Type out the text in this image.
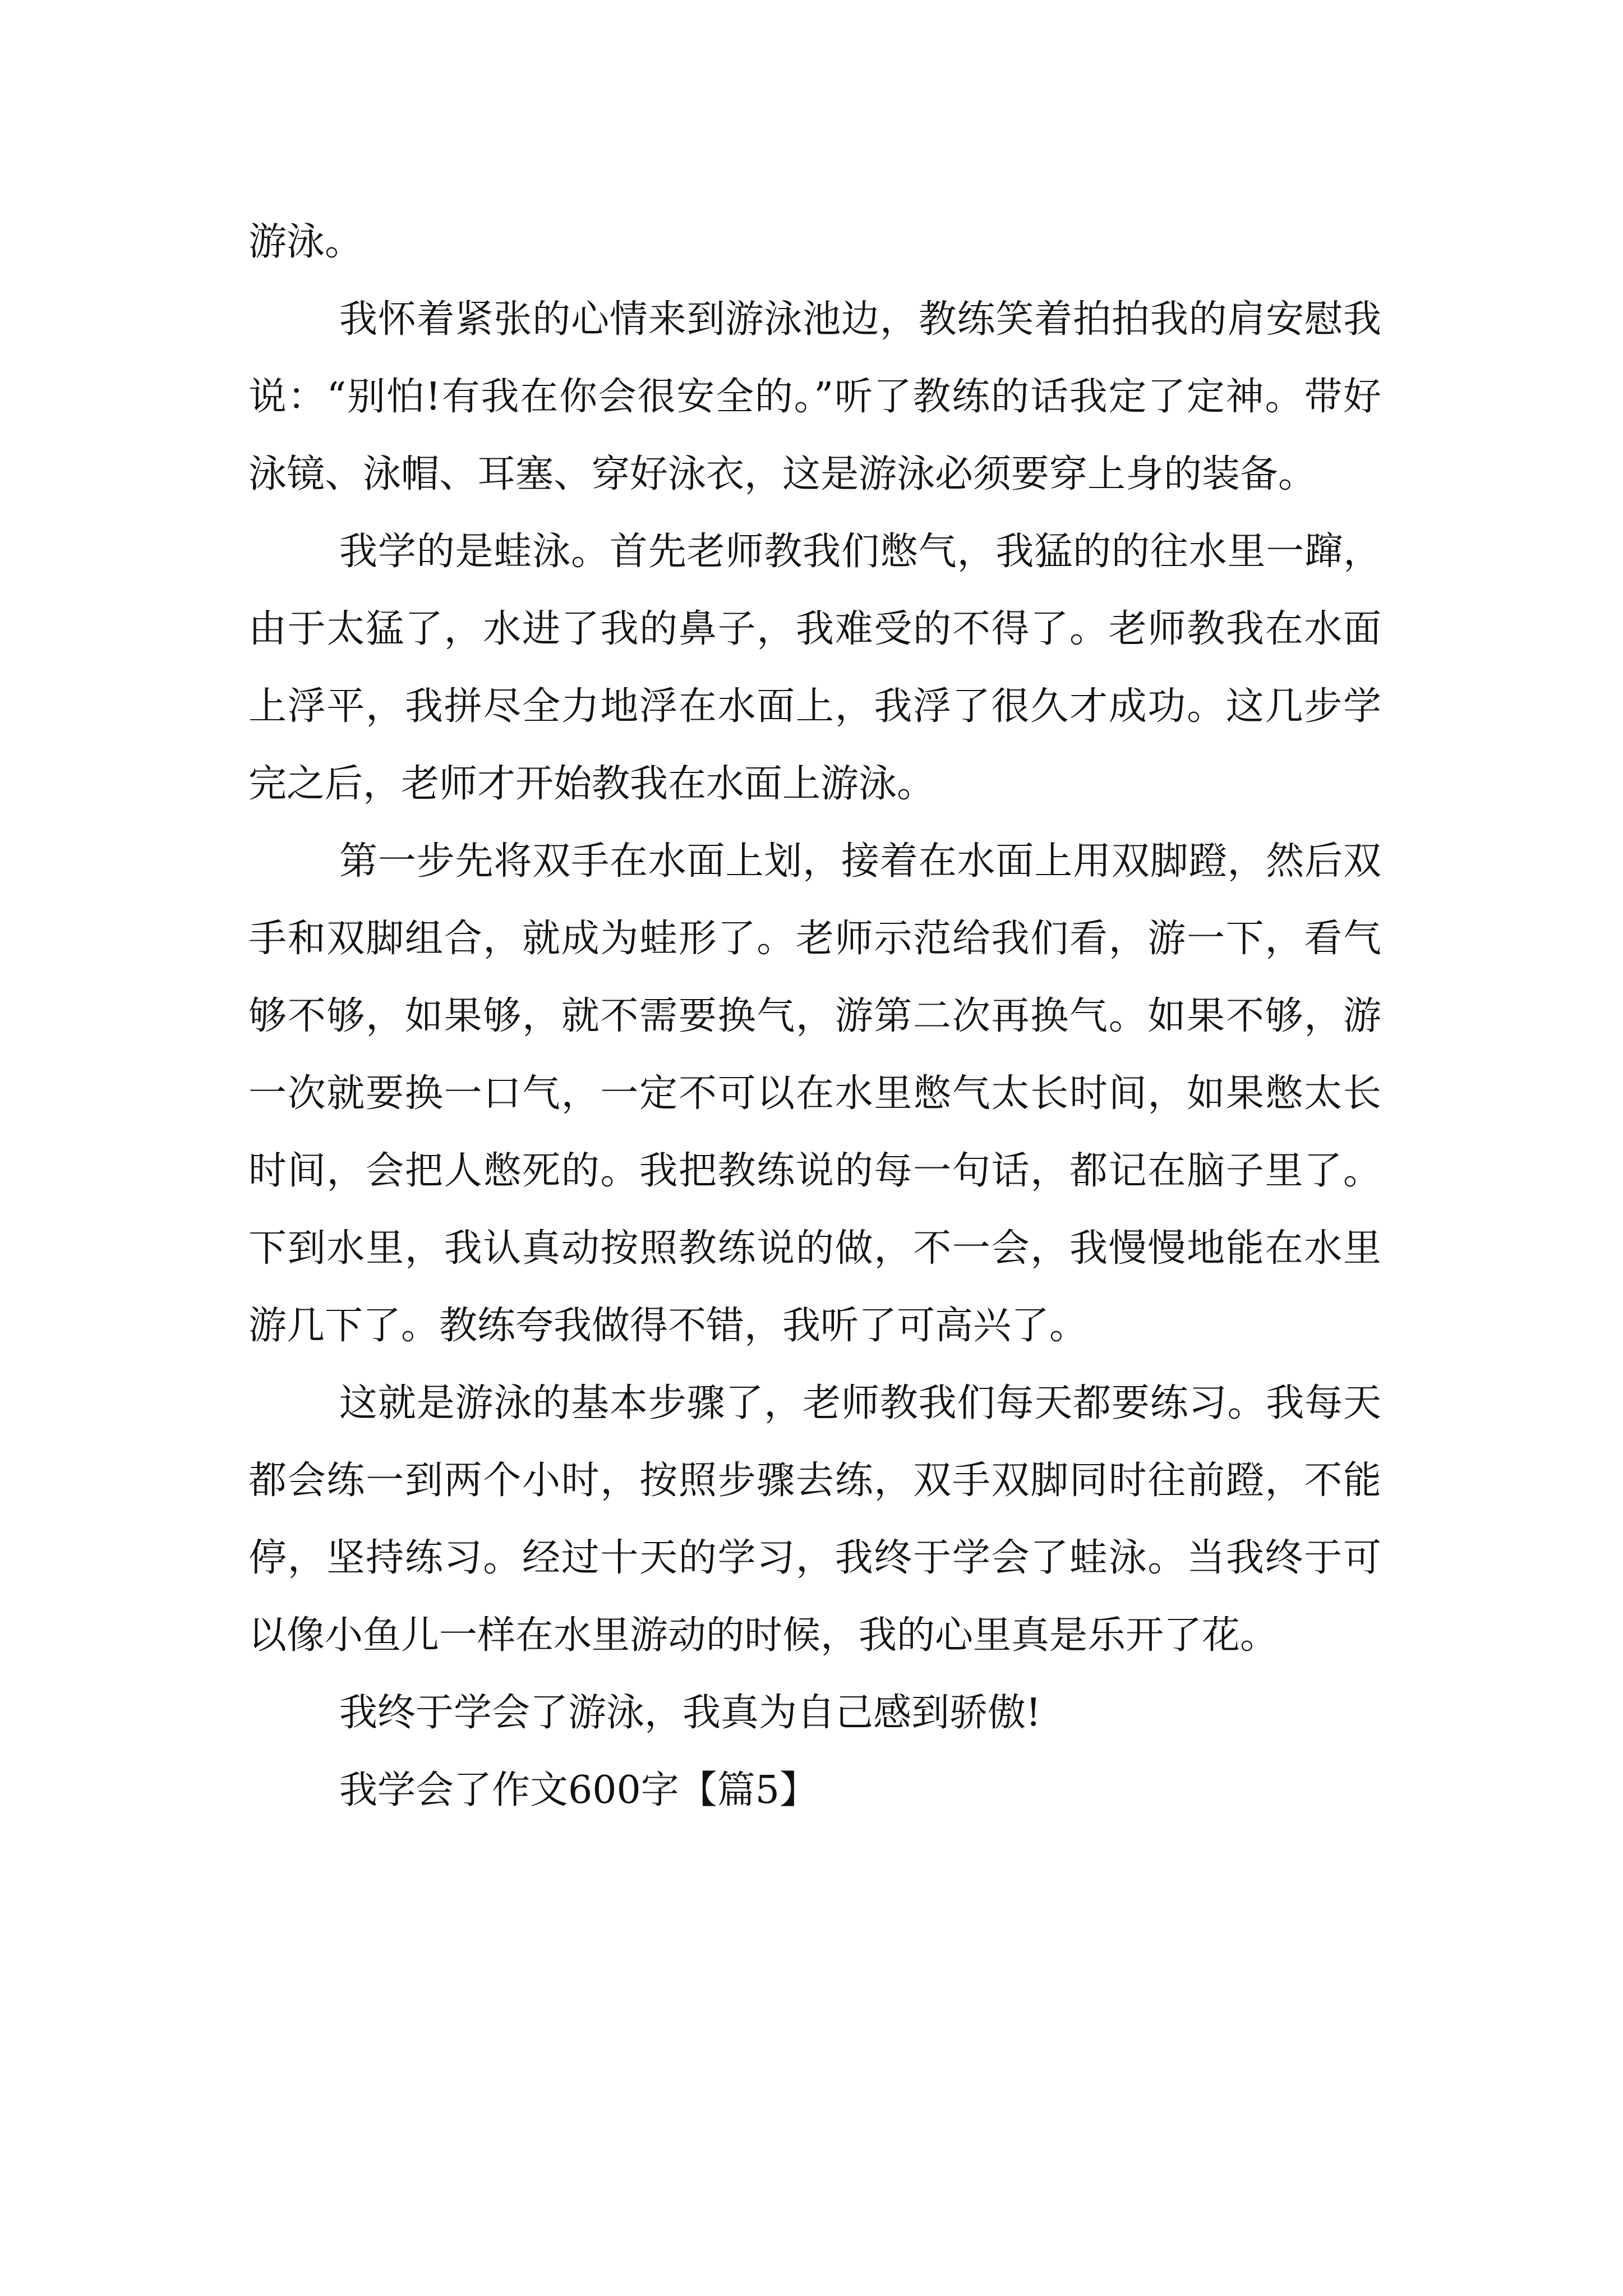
游泳。

我怀着紧张的心情来到游泳池边，教练笑着拍拍我的肩安慰我说：“别怕!有我在你会很安全的。”听了教练的话我定了定神。带好泳镜、泳帽、耳塞、穿好泳衣，这是游泳必须要穿上身的装备。

我学的是蛙泳。首先老师教我们憋气，我猛的的往水里一蹿，由于太猛了，水进了我的鼻子，我难受的不得了。老师教我在水面上浮平，我拼尽全力地浮在水面上，我浮了很久才成功。这几步学完之后，老师才开始教我在水面上游泳。

第一步先将双手在水面上划，接着在水面上用双脚蹬，然后双手和双脚组合，就成为蛙形了。老师示范给我们看，游一下，看气够不够，如果够，就不需要换气，游第二次再换气。如果不够，游一次就要换一口气，一定不可以在水里憋气太长时间，如果憋太长时间，会把人憋死的。我把教练说的每一句话，都记在脑子里了。下到水里，我认真动按照教练说的做，不一会，我慢慢地能在水里游几下了。教练夸我做得不错，我听了可高兴了。

这就是游泳的基本步骤了，老师教我们每天都要练习。我每天都会练一到两个小时，按照步骤去练，双手双脚同时往前蹬，不能停，坚持练习。经过十天的学习，我终于学会了蛙泳。当我终于可以像小鱼儿一样在水里游动的时候，我的心里真是乐开了花。

我终于学会了游泳，我真为自己感到骄傲!

我学会了作文600字【篇5】
